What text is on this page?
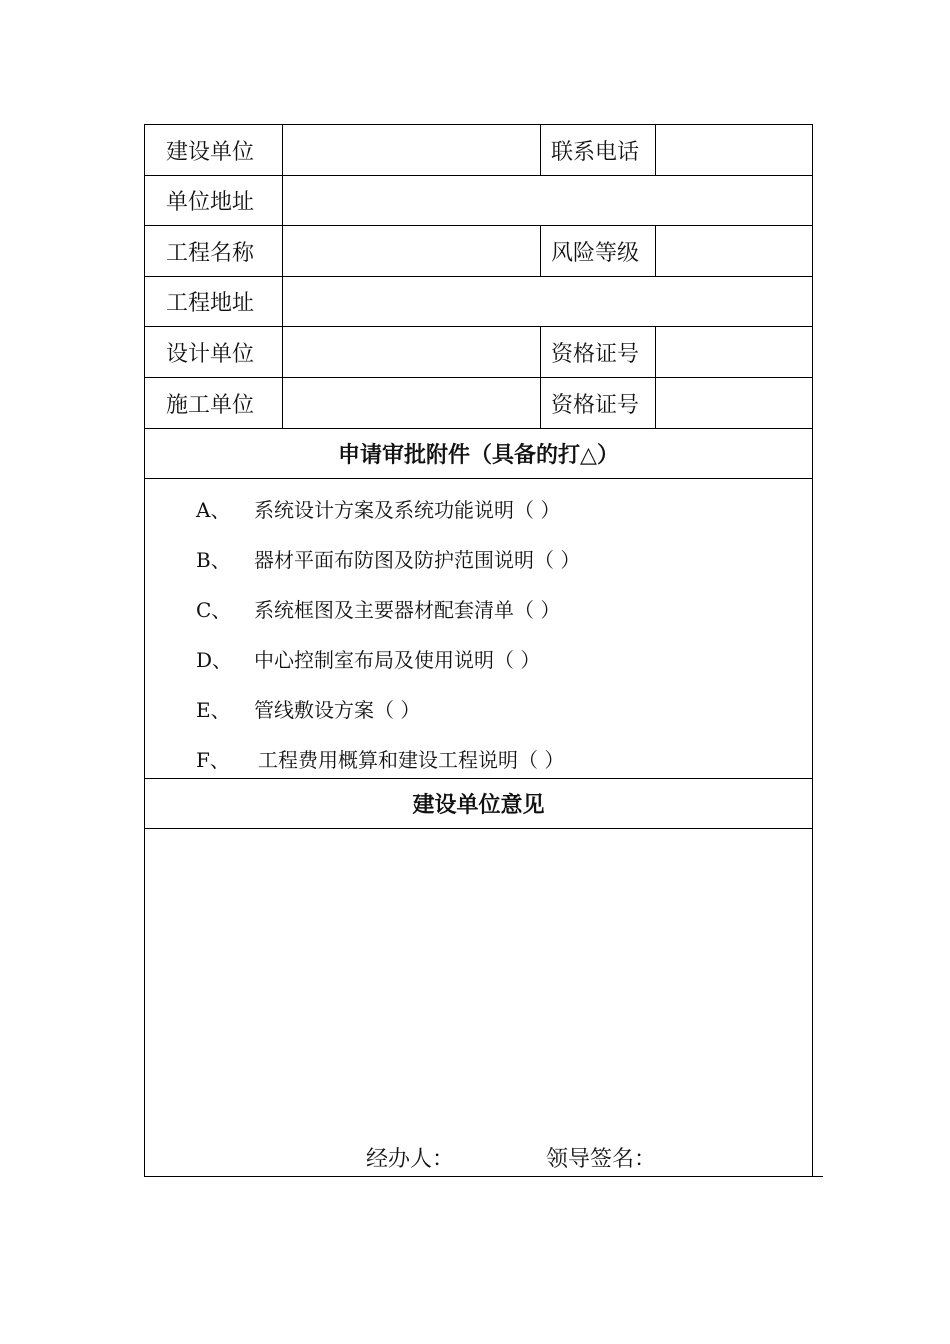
建设单位	联系电话
单位地址
工程名称	风险等级
工程地址
设计单位	资格证号
施工单位	资格证号
申请审批附件（具备的打△）
A、	系统设计方案及系统功能说明（ ）
B、	器材平面布防图及防护范围说明（ ）
C、	系统框图及主要器材配套清单（ ）
D、	中心控制室布局及使用说明（ ）
E、	管线敷设方案（ ）
F、	工程费用概算和建设工程说明（ ）
建设单位意见
经办人：	领导签名：
